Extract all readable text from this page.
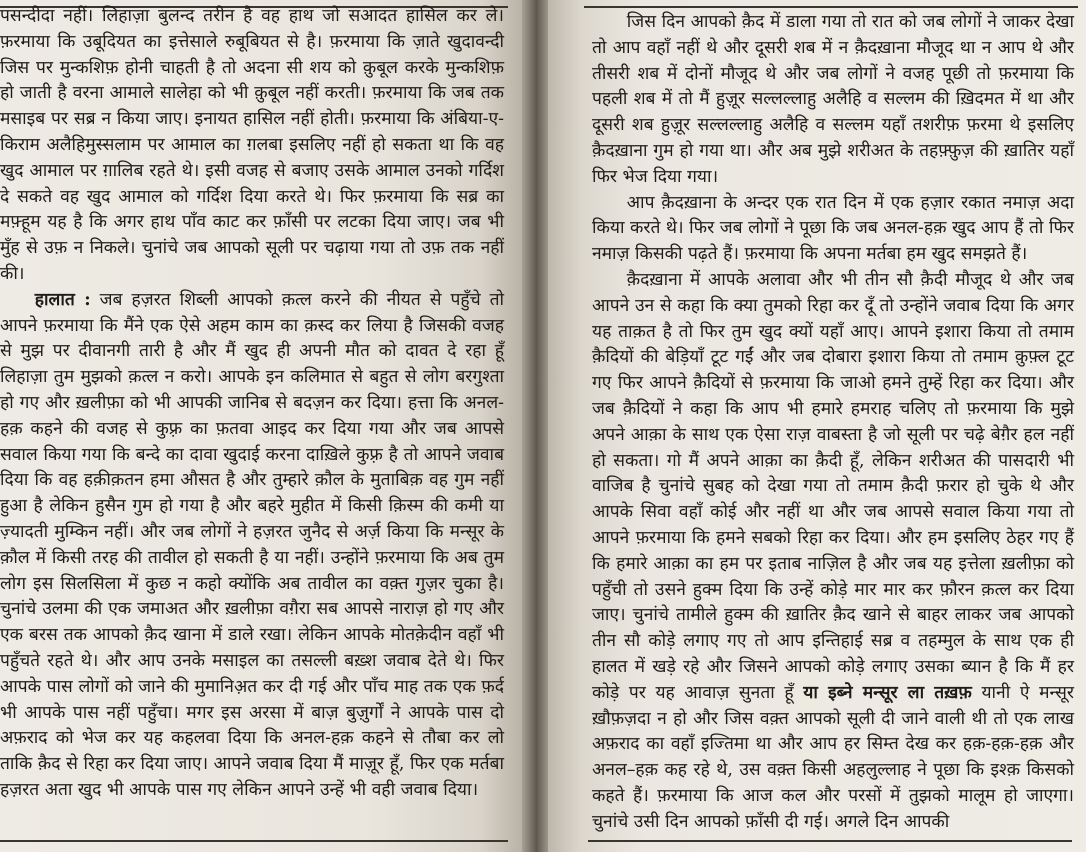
पसन्दीदा नहीं। लिहाज़ा बुलन्द तरीन है वह हाथ जो सआदत हासिल कर ले। फ़रमाया कि उबूदियत का इत्तेसाले रुबूबियत से है। फ़रमाया कि ज़ाते खुदावन्दी जिस पर मुन्कशिफ़ होनी चाहती है तो अदना सी शय को क़ुबूल करके मुन्कशिफ़ हो जाती है वरना आमाले सालेहा को भी क़ुबूल नहीं करती। फ़रमाया कि जब तक मसाइब पर सब्र न किया जाए। इनायत हासिल नहीं होती। फ़रमाया कि अंबिया-ए-किराम अलैहिमुस्सलाम पर आमाल का ग़लबा इसलिए नहीं हो सकता था कि वह खुद आमाल पर ग़ालिब रहते थे। इसी वजह से बजाए उसके आमाल उनको गर्दिश दे सकते वह खुद आमाल को गर्दिश दिया करते थे। फिर फ़रमाया कि सब्र का मफ़्हूम यह है कि अगर हाथ पाँव काट कर फ़ाँसी पर लटका दिया जाए। जब भी मुँह से उफ़ न निकले। चुनांचे जब आपको सूली पर चढ़ाया गया तो उफ़ तक नहीं की।

हालात : जब हज़रत शिब्ली आपको क़त्ल करने की नीयत से पहुँचे तो आपने फ़रमाया कि मैंने एक ऐसे अहम काम का क़स्द कर लिया है जिसकी वजह से मुझ पर दीवानगी तारी है और मैं खुद ही अपनी मौत को दावत दे रहा हूँ लिहाज़ा तुम मुझको क़त्ल न करो। आपके इन कलिमात से बहुत से लोग बरगुश्ता हो गए और ख़लीफ़ा को भी आपकी जानिब से बदज़न कर दिया। हत्ता कि अनल-हक़ कहने की वजह से कुफ़्र का फ़तवा आइद कर दिया गया और जब आपसे सवाल किया गया कि बन्दे का दावा खुदाई करना दाख़िले कुफ़्र है तो आपने जवाब दिया कि वह हक़ीक़तन हमा औसत है और तुम्हारे क़ौल के मुताबिक़ वह गुम नहीं हुआ है लेकिन हुसैन गुम हो गया है और बहरे मुहीत में किसी क़िस्म की कमी या ज़्यादती मुम्किन नहीं। और जब लोगों ने हज़रत जुनैद से अर्ज़ किया कि मन्सूर के क़ौल में किसी तरह की तावील हो सकती है या नहीं। उन्होंने फ़रमाया कि अब तुम लोग इस सिलसिला में कुछ न कहो क्योंकि अब तावील का वक़्त गुज़र चुका है। चुनांचे उलमा की एक जमाअत और ख़लीफ़ा वग़ैरा सब आपसे नाराज़ हो गए और एक बरस तक आपको क़ैद खाना में डाले रखा। लेकिन आपके मोतक़ेदीन वहाँ भी पहुँचते रहते थे। और आप उनके मसाइल का तसल्ली बख़्श जवाब देते थे। फिर आपके पास लोगों को जाने की मुमानिअ़त कर दी गई और पाँच माह तक एक फ़र्द भी आपके पास नहीं पहुँचा। मगर इस अरसा में बाज़ बुज़ुर्गों ने आपके पास दो अफ़राद को भेज कर यह कहलवा दिया कि अनल-हक़ कहने से तौबा कर लो ताकि क़ैद से रिहा कर दिया जाए। आपने जवाब दिया मैं माज़ूर हूँ, फिर एक मर्तबा हज़रत अता खुद भी आपके पास गए लेकिन आपने उन्हें भी वही जवाब दिया।

जिस दिन आपको क़ैद में डाला गया तो रात को जब लोगों ने जाकर देखा तो आप वहाँ नहीं थे और दूसरी शब में न क़ैदख़ाना मौजूद था न आप थे और तीसरी शब में दोनों मौजूद थे और जब लोगों ने वजह पूछी तो फ़रमाया कि पहली शब में तो मैं हुज़ूर सल्लल्लाहु अलैहि व सल्लम की ख़िदमत में था और दूसरी शब हुज़ूर सल्लल्लाहु अलैहि व सल्लम यहाँ तशरीफ़ फ़रमा थे इसलिए क़ैदख़ाना गुम हो गया था। और अब मुझे शरीअत के तहफ़्फ़ुज़ की ख़ातिर यहाँ फिर भेज दिया गया।

आप क़ैदख़ाना के अन्दर एक रात दिन में एक हज़ार रकात नमाज़ अदा किया करते थे। फिर जब लोगों ने पूछा कि जब अनल-हक़ खुद आप हैं तो फिर नमाज़ किसकी पढ़ते हैं। फ़रमाया कि अपना मर्तबा हम खुद समझते हैं।

क़ैदख़ाना में आपके अलावा और भी तीन सौ क़ैदी मौजूद थे और जब आपने उन से कहा कि क्या तुमको रिहा कर दूँ तो उन्होंने जवाब दिया कि अगर यह ताक़त है तो फिर तुम खुद क्यों यहाँ आए। आपने इशारा किया तो तमाम क़ैदियों की बेड़ियाँ टूट गईं और जब दोबारा इशारा किया तो तमाम क़ुफ़्ल टूट गए फिर आपने क़ैदियों से फ़रमाया कि जाओ हमने तुम्हें रिहा कर दिया। और जब क़ैदियों ने कहा कि आप भी हमारे हमराह चलिए तो फ़रमाया कि मुझे अपने आक़ा के साथ एक ऐसा राज़ वाबस्ता है जो सूली पर चढ़े बेग़ैर हल नहीं हो सकता। गो मैं अपने आक़ा का क़ैदी हूँ, लेकिन शरीअत की पासदारी भी वाजिब है चुनांचे सुबह को देखा गया तो तमाम क़ैदी फ़रार हो चुके थे और आपके सिवा वहाँ कोई और नहीं था और जब आपसे सवाल किया गया तो आपने फ़रमाया कि हमने सबको रिहा कर दिया। और हम इसलिए ठेहर गए हैं कि हमारे आक़ा का हम पर इताब नाज़िल है और जब यह इत्तेला ख़लीफ़ा को पहुँची तो उसने हुक्म दिया कि उन्हें कोड़े मार मार कर फ़ौरन क़त्ल कर दिया जाए। चुनांचे तामीले हुक्म की ख़ातिर क़ैद खाने से बाहर लाकर जब आपको तीन सौ कोड़े लगाए गए तो आप इन्तिहाई सब्र व तहम्मुल के साथ एक ही हालत में खड़े रहे और जिसने आपको कोड़े लगाए उसका ब्यान है कि मैं हर कोड़े पर यह आवाज़ सुनता हूँ या इब्ने मन्सूर ला तख़फ़ यानी ऐ मन्सूर ख़ौफ़ज़दा न हो और जिस वक़्त आपको सूली दी जाने वाली थी तो एक लाख अफ़राद का वहाँ इज्तिमा था और आप हर सिम्त देख कर हक़-हक़-हक़ और अनल–हक़ कह रहे थे, उस वक़्त किसी अहलुल्लाह ने पूछा कि इश्क़ किसको कहते हैं। फ़रमाया कि आज कल और परसों में तुझको मालूम हो जाएगा। चुनांचे उसी दिन आपको फ़ाँसी दी गई। अगले दिन आपकी
